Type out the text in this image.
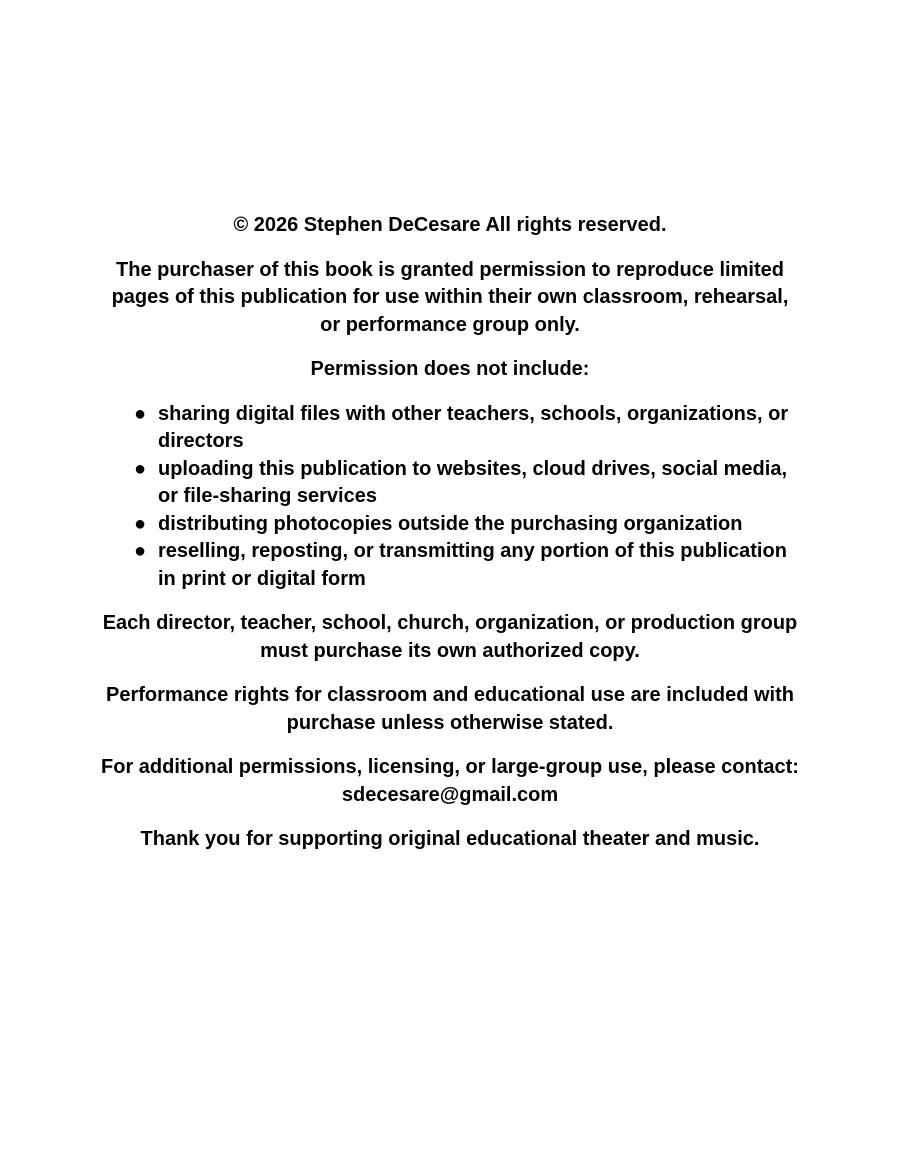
© 2026 Stephen DeCesare All rights reserved.

The purchaser of this book is granted permission to reproduce limited pages of this publication for use within their own classroom, rehearsal, or performance group only.

Permission does not include:

● sharing digital files with other teachers, schools, organizations, or directors
● uploading this publication to websites, cloud drives, social media, or file-sharing services
● distributing photocopies outside the purchasing organization
● reselling, reposting, or transmitting any portion of this publication in print or digital form

Each director, teacher, school, church, organization, or production group must purchase its own authorized copy.

Performance rights for classroom and educational use are included with purchase unless otherwise stated.

For additional permissions, licensing, or large-group use, please contact:
sdecesare@gmail.com

Thank you for supporting original educational theater and music.
